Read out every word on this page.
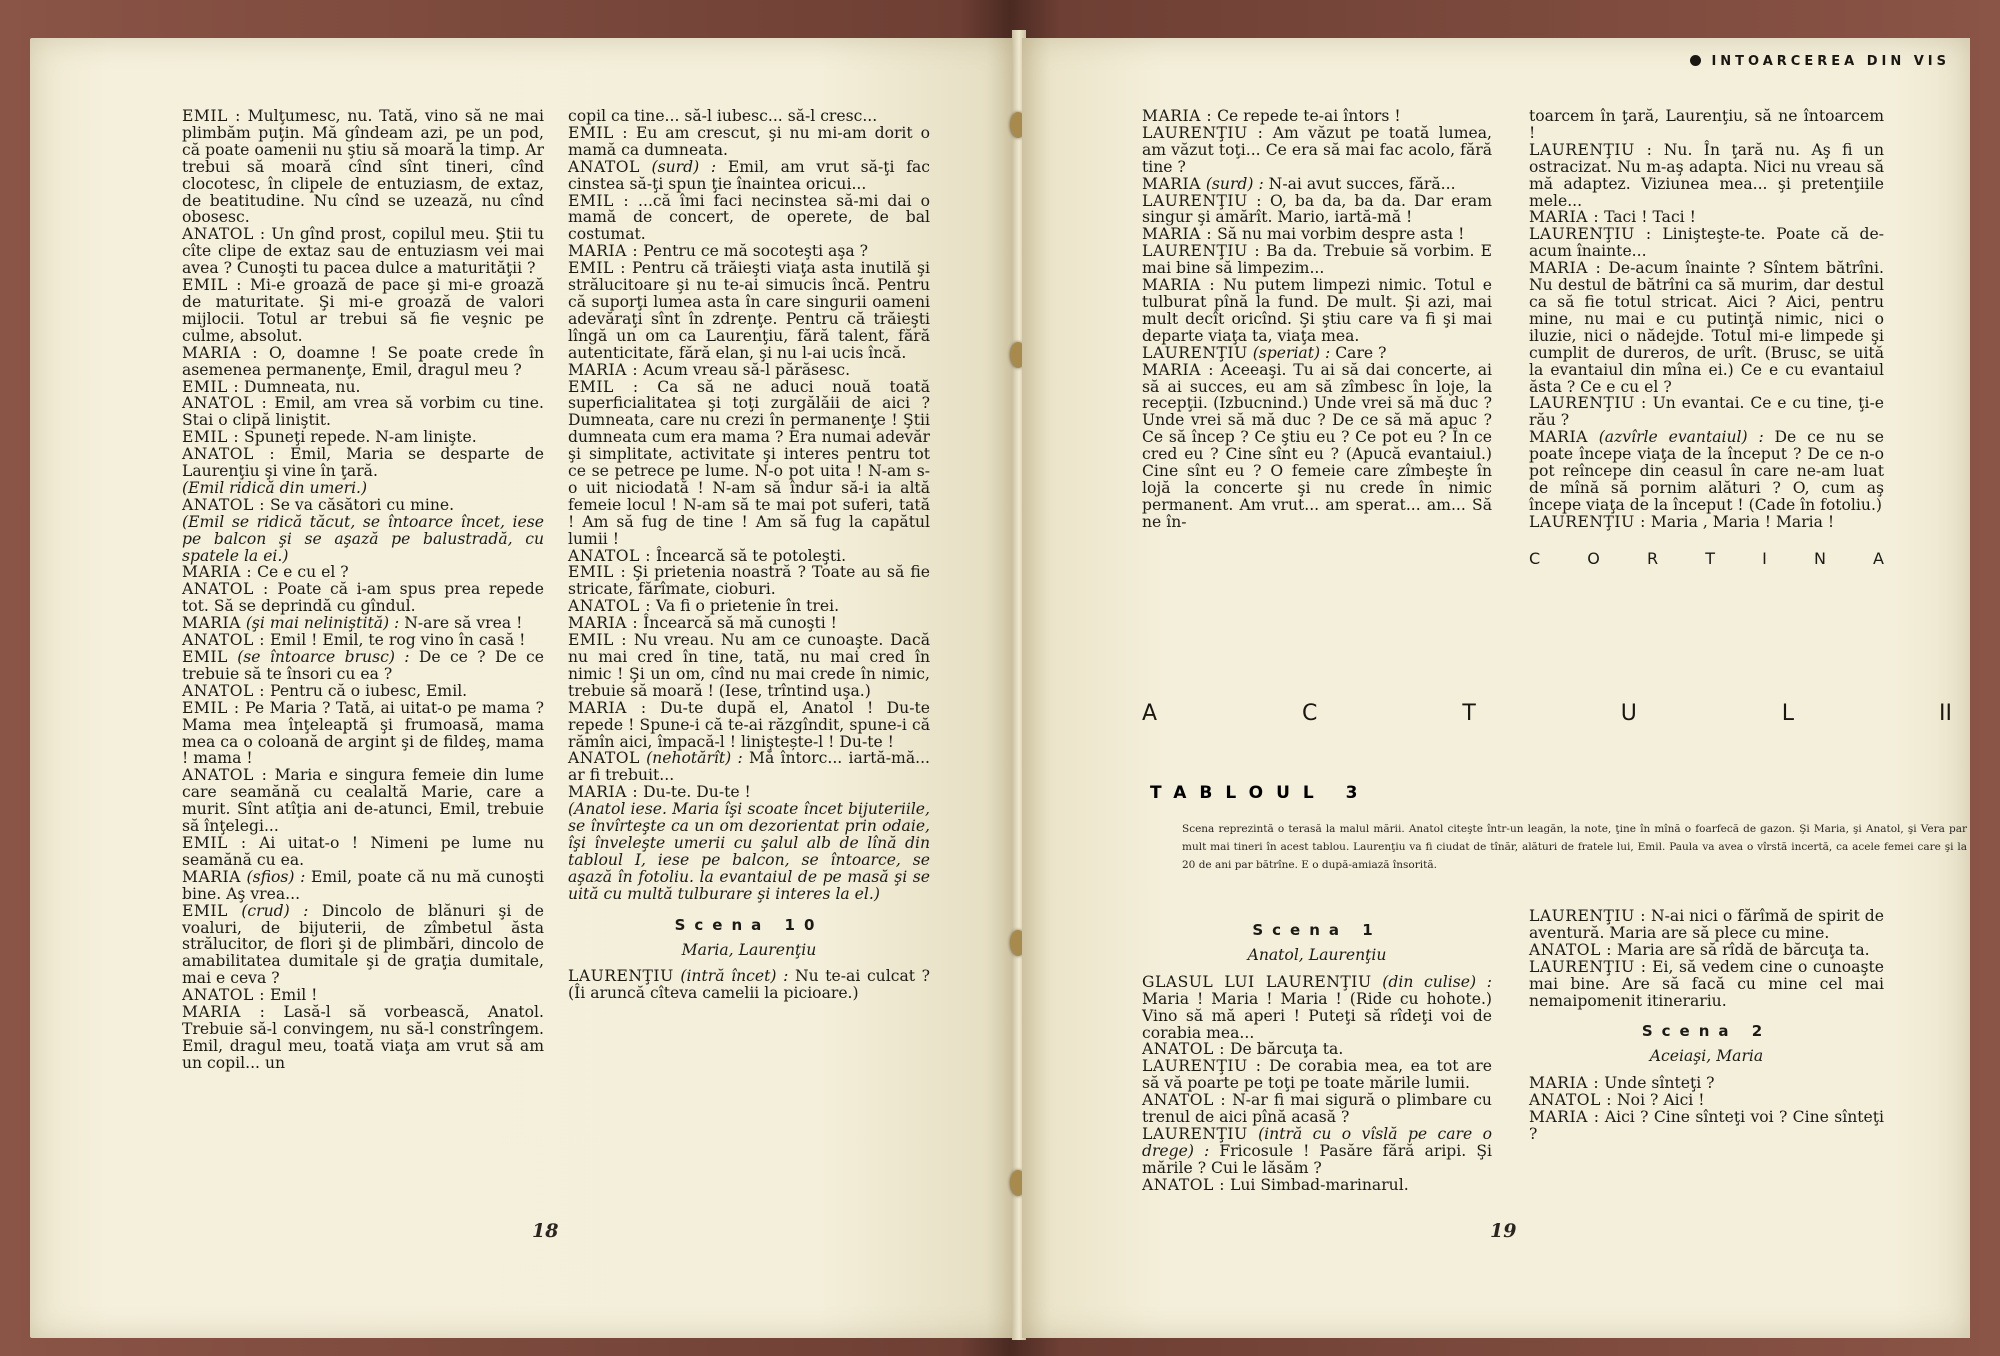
EMIL : Mulţumesc, nu. Tată, vino să ne mai plimbăm puţin. Mă gîndeam azi, pe un pod, că poate oamenii nu ştiu să moară la timp. Ar trebui să moară cînd sînt tineri, cînd clocotesc, în clipele de entuziasm, de extaz, de beatitudine. Nu cînd se uzează, nu cînd obosesc.

ANATOL : Un gînd prost, copilul meu. Ştii tu cîte clipe de extaz sau de entuziasm vei mai avea ? Cunoşti tu pacea dulce a maturităţii ?

EMIL : Mi-e groază de pace şi mi-e groază de maturitate. Şi mi-e groază de valori mijlocii. Totul ar trebui să fie veşnic pe culme, absolut.

MARIA : O, doamne ! Se poate crede în asemenea permanenţe, Emil, dragul meu ?

EMIL : Dumneata, nu.

ANATOL : Emil, am vrea să vorbim cu tine. Stai o clipă liniştit.

EMIL : Spuneţi repede. N-am linişte.

ANATOL : Emil, Maria se desparte de Laurenţiu şi vine în ţară.

(Emil ridică din umeri.)

ANATOL : Se va căsători cu mine.

(Emil se ridică tăcut, se întoarce încet, iese pe balcon şi se aşază pe balustradă, cu spatele la ei.)

MARIA : Ce e cu el ?

ANATOL : Poate că i-am spus prea repede tot. Să se deprindă cu gîndul.

MARIA (şi mai neliniştită) : N-are să vrea !

ANATOL : Emil ! Emil, te rog vino în casă !

EMIL (se întoarce brusc) : De ce ? De ce trebuie să te însori cu ea ?

ANATOL : Pentru că o iubesc, Emil.

EMIL : Pe Maria ? Tată, ai uitat-o pe mama ? Mama mea înţeleaptă şi frumoasă, mama mea ca o coloană de argint şi de fildeş, mama ! mama !

ANATOL : Maria e singura femeie din lume care seamănă cu cealaltă Marie, care a murit. Sînt atîţia ani de-atunci, Emil, trebuie să înţelegi...

EMIL : Ai uitat-o ! Nimeni pe lume nu seamănă cu ea.

MARIA (sfios) : Emil, poate că nu mă cunoşti bine. Aş vrea...

EMIL (crud) : Dincolo de blănuri şi de voaluri, de bijuterii, de zîmbetul ăsta strălucitor, de flori şi de plimbări, dincolo de amabilitatea dumitale şi de graţia dumitale, mai e ceva ?

ANATOL : Emil !

MARIA : Lasă-l să vorbească, Anatol. Trebuie să-l convingem, nu să-l constrîngem. Emil, dragul meu, toată viaţa am vrut să am un copil... un

copil ca tine... să-l iubesc... să-l cresc...

EMIL : Eu am crescut, şi nu mi-am dorit o mamă ca dumneata.

ANATOL (surd) : Emil, am vrut să-ţi fac cinstea să-ţi spun ţie înaintea oricui...

EMIL : ...că îmi faci necinstea să-mi dai o mamă de concert, de operete, de bal costumat.

MARIA : Pentru ce mă socoteşti aşa ?

EMIL : Pentru că trăieşti viaţa asta inutilă şi strălucitoare şi nu te-ai simucis încă. Pentru că suporţi lumea asta în care singurii oameni adevăraţi sînt în zdrenţe. Pentru că trăieşti lîngă un om ca Laurenţiu, fără talent, fără autenticitate, fără elan, şi nu l-ai ucis încă.

MARIA : Acum vreau să-l părăsesc.

EMIL : Ca să ne aduci nouă toată superficialitatea şi toţi zurgălăii de aici ? Dumneata, care nu crezi în permanenţe ! Ştii dumneata cum era mama ? Era numai adevăr şi simplitate, activitate şi interes pentru tot ce se petrece pe lume. N-o pot uita ! N-am s-o uit niciodată ! N-am să îndur să-i ia altă femeie locul ! N-am să te mai pot suferi, tată ! Am să fug de tine ! Am să fug la capătul lumii !

ANATOL : Încearcă să te potoleşti.

EMIL : Şi prietenia noastră ? Toate au să fie stricate, fărîmate, cioburi.

ANATOL : Va fi o prietenie în trei.

MARIA : Încearcă să mă cunoşti !

EMIL : Nu vreau. Nu am ce cunoaşte. Dacă nu mai cred în tine, tată, nu mai cred în nimic ! Şi un om, cînd nu mai crede în nimic, trebuie să moară ! (Iese, trîntind uşa.)

MARIA : Du-te după el, Anatol ! Du-te repede ! Spune-i că te-ai răzgîndit, spune-i că rămîn aici, împacă-l ! liniştește-l ! Du-te !

ANATOL (nehotărît) : Mă întorc... iartă-mă... ar fi trebuit...

MARIA : Du-te. Du-te !

(Anatol iese. Maria îşi scoate încet bijuteriile, se învîrteşte ca un om dezorientat prin odaie, îşi înveleşte umerii cu şalul alb de lînă din tabloul I, iese pe balcon, se întoarce, se aşază în fotoliu. la evantaiul de pe masă şi se uită cu multă tulburare şi interes la el.)

Scena 10
Maria, Laurenţiu

LAURENŢIU (intră încet) : Nu te-ai culcat ? (Îi aruncă cîteva camelii la picioare.)

18
INTOARCEREA DIN VIS

MARIA : Ce repede te-ai întors !

LAURENŢIU : Am văzut pe toată lumea, am văzut toţi... Ce era să mai fac acolo, fără tine ?

MARIA (surd) : N-ai avut succes, fără...

LAURENŢIU : O, ba da, ba da. Dar eram singur şi amărît. Mario, iartă-mă !

MARIA : Să nu mai vorbim despre asta !

LAURENŢIU : Ba da. Trebuie să vorbim. E mai bine să limpezim...

MARIA : Nu putem limpezi nimic. Totul e tulburat pînă la fund. De mult. Şi azi, mai mult decît oricînd. Şi ştiu care va fi şi mai departe viaţa ta, viaţa mea.

LAURENŢIU (speriat) : Care ?

MARIA : Aceeaşi. Tu ai să dai concerte, ai să ai succes, eu am să zîmbesc în loje, la recepţii. (Izbucnind.) Unde vrei să mă duc ? Unde vrei să mă duc ? De ce să mă apuc ? Ce să încep ? Ce ştiu eu ? Ce pot eu ? În ce cred eu ? Cine sînt eu ? (Apucă evantaiul.) Cine sînt eu ? O femeie care zîmbeşte în lojă la concerte şi nu crede în nimic permanent. Am vrut... am sperat... am... Să ne în-

toarcem în ţară, Laurenţiu, să ne întoarcem !

LAURENŢIU : Nu. În ţară nu. Aş fi un ostracizat. Nu m-aş adapta. Nici nu vreau să mă adaptez. Viziunea mea... şi pretenţiile mele...

MARIA : Taci ! Taci !

LAURENŢIU : Linişteşte-te. Poate că de-acum înainte...

MARIA : De-acum înainte ? Sîntem bătrîni. Nu destul de bătrîni ca să murim, dar destul ca să fie totul stricat. Aici ? Aici, pentru mine, nu mai e cu putinţă nimic, nici o iluzie, nici o nădejde. Totul mi-e limpede şi cumplit de dureros, de urît. (Brusc, se uită la evantaiul din mîna ei.) Ce e cu evantaiul ăsta ? Ce e cu el ?

LAURENŢIU : Un evantai. Ce e cu tine, ţi-e rău ?

MARIA (azvîrle evantaiul) : De ce nu se poate începe viaţa de la început ? De ce n-o pot reîncepe din ceasul în care ne-am luat de mînă să pornim alături ? O, cum aş începe viaţa de la început ! (Cade în fotoliu.)

LAURENŢIU : Maria , Maria ! Maria !

C	O	R	T	I	N	A
A	C	T	U	L	II
TABLOUL 3
Scena reprezintă o terasă la malul mării. Anatol citeşte într-un leagăn, la note, ţine în mînă o foarfecă de gazon. Şi Maria, şi Anatol, şi Vera par mult mai tineri în acest tablou. Laurenţiu va fi ciudat de tînăr, alături de fratele lui, Emil. Paula va avea o vîrstă incertă, ca acele femei care şi la 20 de ani par bătrîne. E o după-amiază însorită.
Scena 1
Anatol, Laurenţiu

GLASUL LUI LAURENŢIU (din culise) : Maria ! Maria ! Maria ! (Ride cu hohote.) Vino să mă aperi ! Puteţi să rîdeţi voi de corabia mea...

ANATOL : De bărcuţa ta.

LAURENŢIU : De corabia mea, ea tot are să vă poarte pe toţi pe toate mările lumii.

ANATOL : N-ar fi mai sigură o plimbare cu trenul de aici pînă acasă ?

LAURENŢIU (intră cu o vîslă pe care o drege) : Fricosule ! Pasăre fără aripi. Şi mările ? Cui le lăsăm ?

ANATOL : Lui Simbad-marinarul.

LAURENŢIU : N-ai nici o fărîmă de spirit de aventură. Maria are să plece cu mine.

ANATOL : Maria are să rîdă de bărcuţa ta.

LAURENŢIU : Ei, să vedem cine o cunoaşte mai bine. Are să facă cu mine cel mai nemaipomenit itinerariu.

Scena 2
Aceiaşi, Maria

MARIA : Unde sînteţi ?

ANATOL : Noi ? Aici !

MARIA : Aici ? Cine sînteţi voi ? Cine sînteţi ?

19
